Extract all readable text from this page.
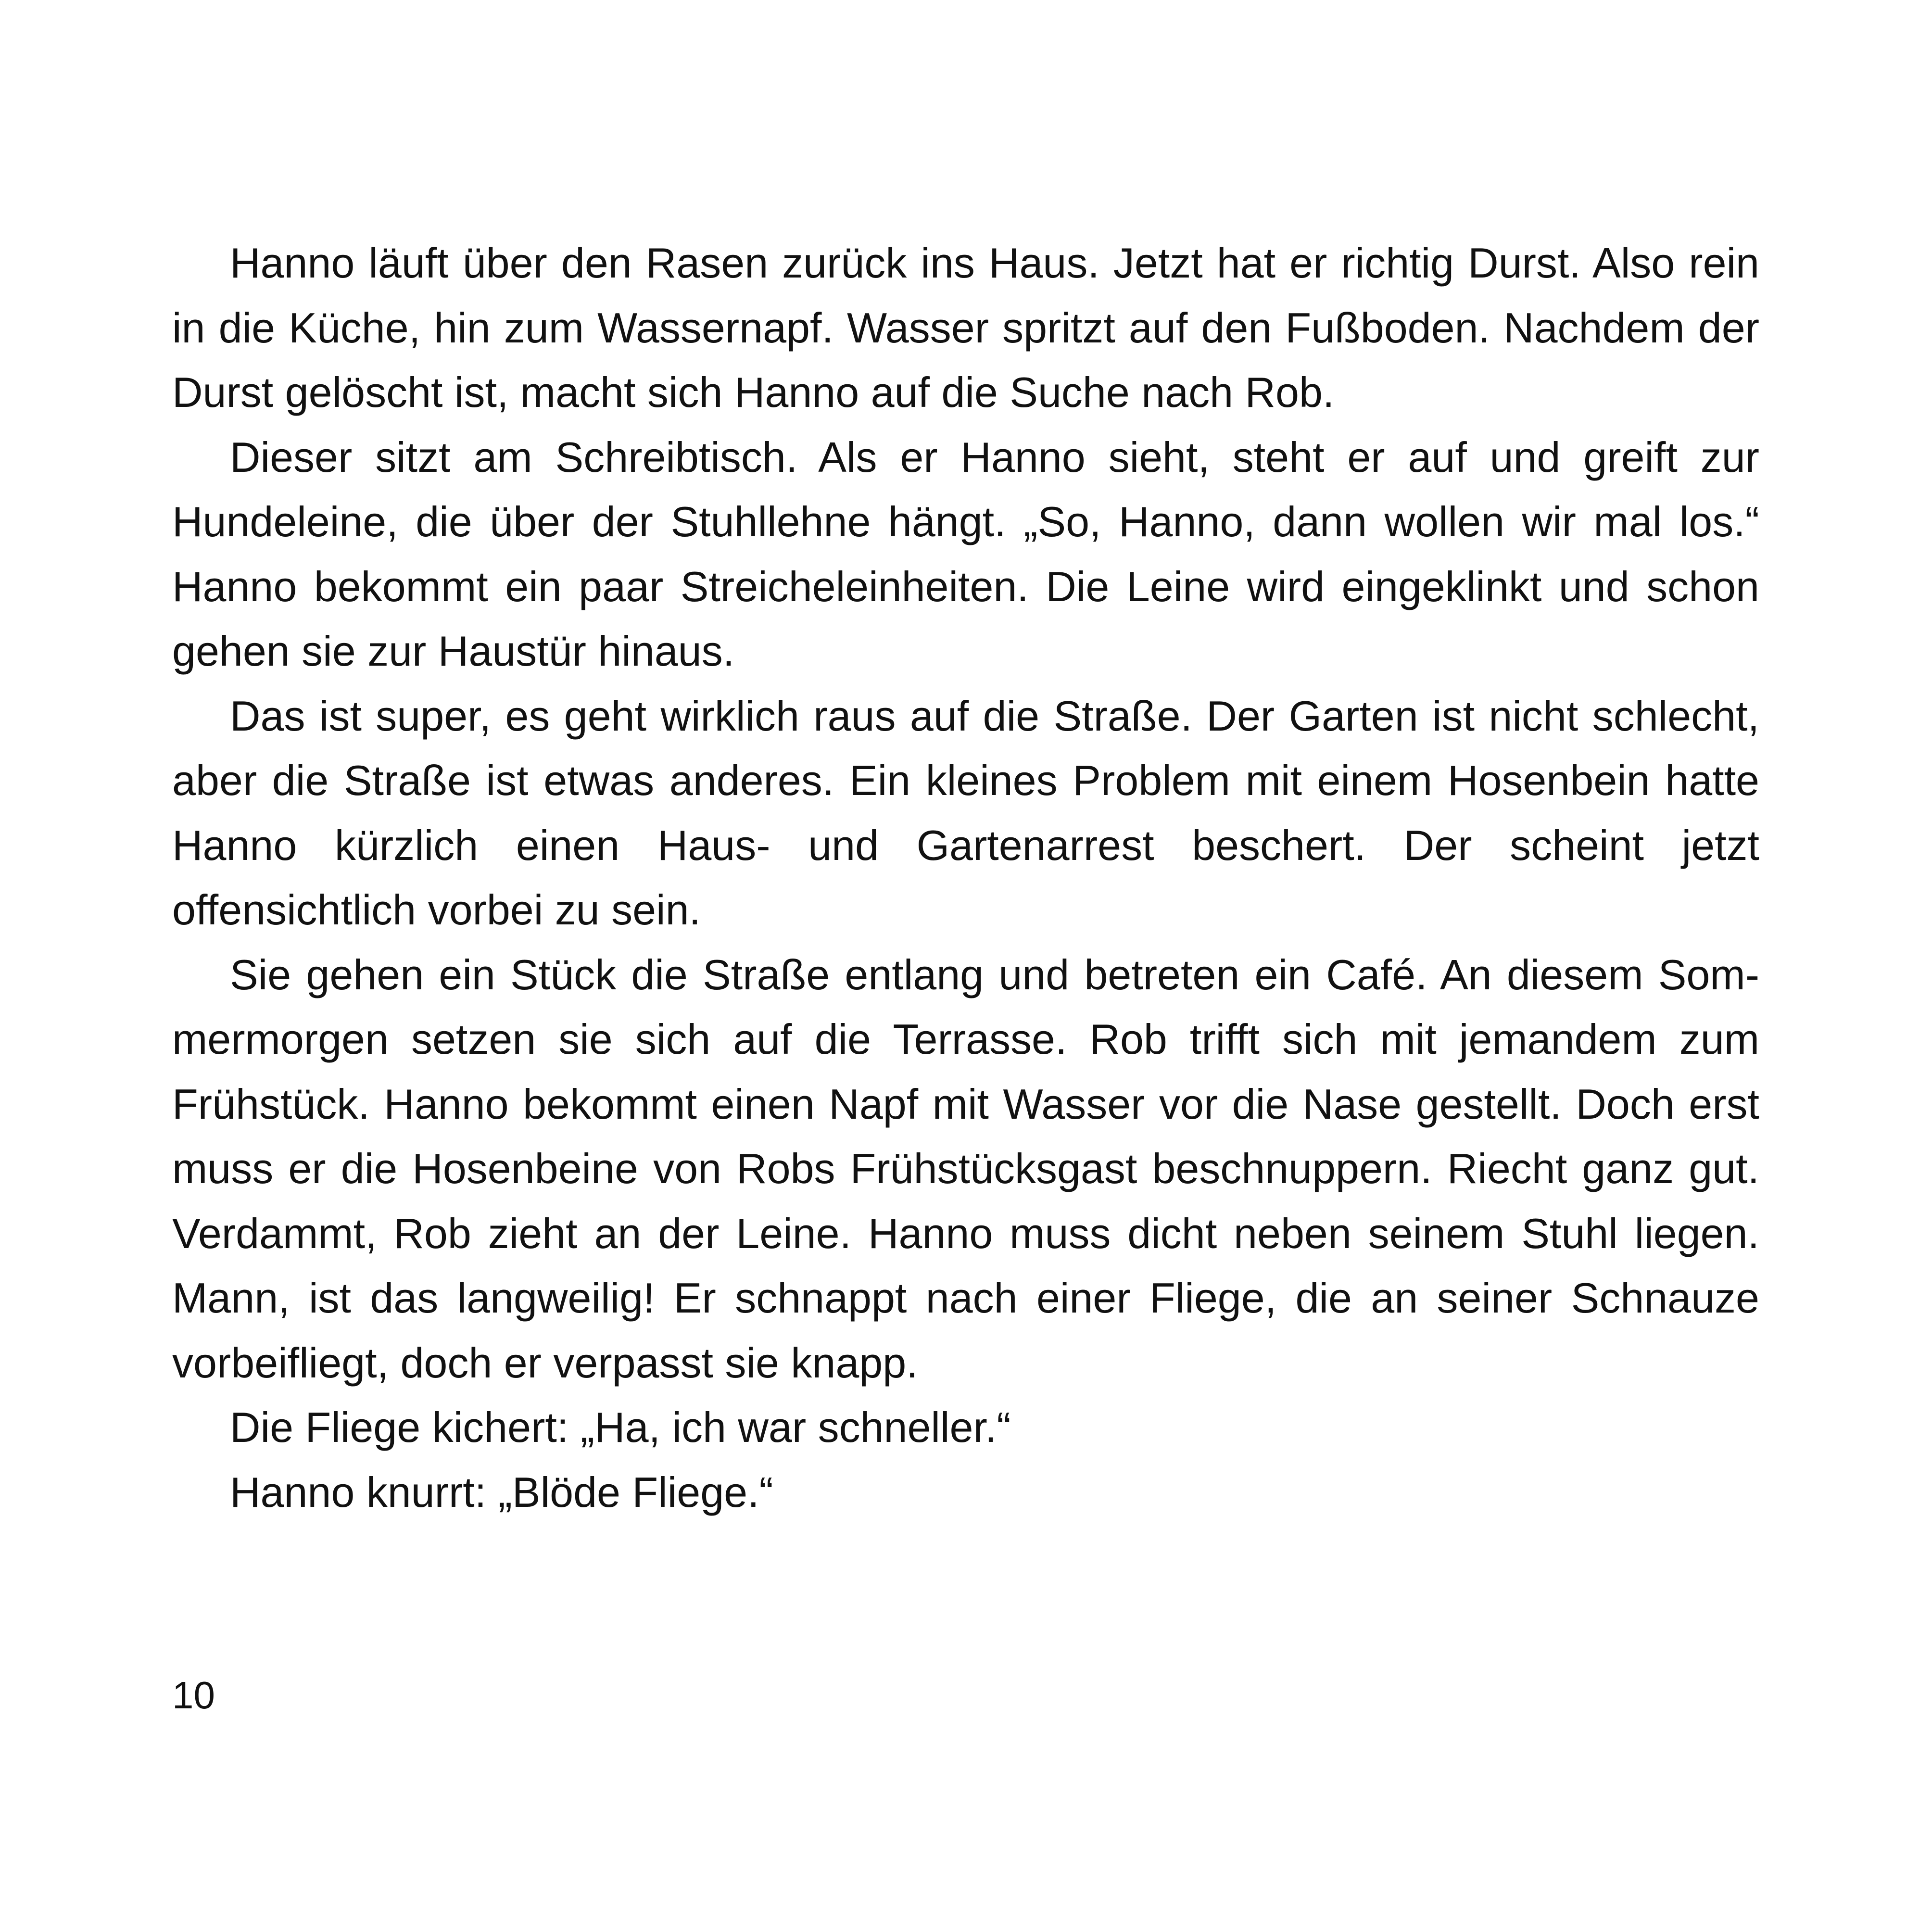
Hanno läuft über den Rasen zurück ins Haus. Jetzt hat er richtig Durst. Also rein in die Küche, hin zum Wassernapf. Wasser spritzt auf den Fußboden. Nachdem der Durst gelöscht ist, macht sich Hanno auf die Suche nach Rob.

Dieser sitzt am Schreibtisch. Als er Hanno sieht, steht er auf und greift zur Hundeleine, die über der Stuhllehne hängt. „So, Hanno, dann wollen wir mal los.“ Hanno bekommt ein paar Streicheleinheiten. Die Leine wird eingeklinkt und schon gehen sie zur Haustür hinaus.

Das ist super, es geht wirklich raus auf die Straße. Der Garten ist nicht schlecht, aber die Straße ist etwas anderes. Ein kleines Problem mit einem Hosenbein hatte Hanno kürzlich einen Haus- und Gartenarrest beschert. Der scheint jetzt offensichtlich vorbei zu sein.

Sie gehen ein Stück die Straße entlang und betreten ein Café. An diesem Sommermorgen setzen sie sich auf die Terrasse. Rob trifft sich mit jemandem zum Frühstück. Hanno bekommt einen Napf mit Wasser vor die Nase gestellt. Doch erst muss er die Hosenbeine von Robs Frühstücksgast beschnuppern. Riecht ganz gut. Verdammt, Rob zieht an der Leine. Hanno muss dicht neben seinem Stuhl liegen. Mann, ist das langweilig! Er schnappt nach einer Fliege, die an seiner Schnauze vorbeifliegt, doch er verpasst sie knapp.

Die Fliege kichert: „Ha, ich war schneller.“

Hanno knurrt: „Blöde Fliege.“

10
